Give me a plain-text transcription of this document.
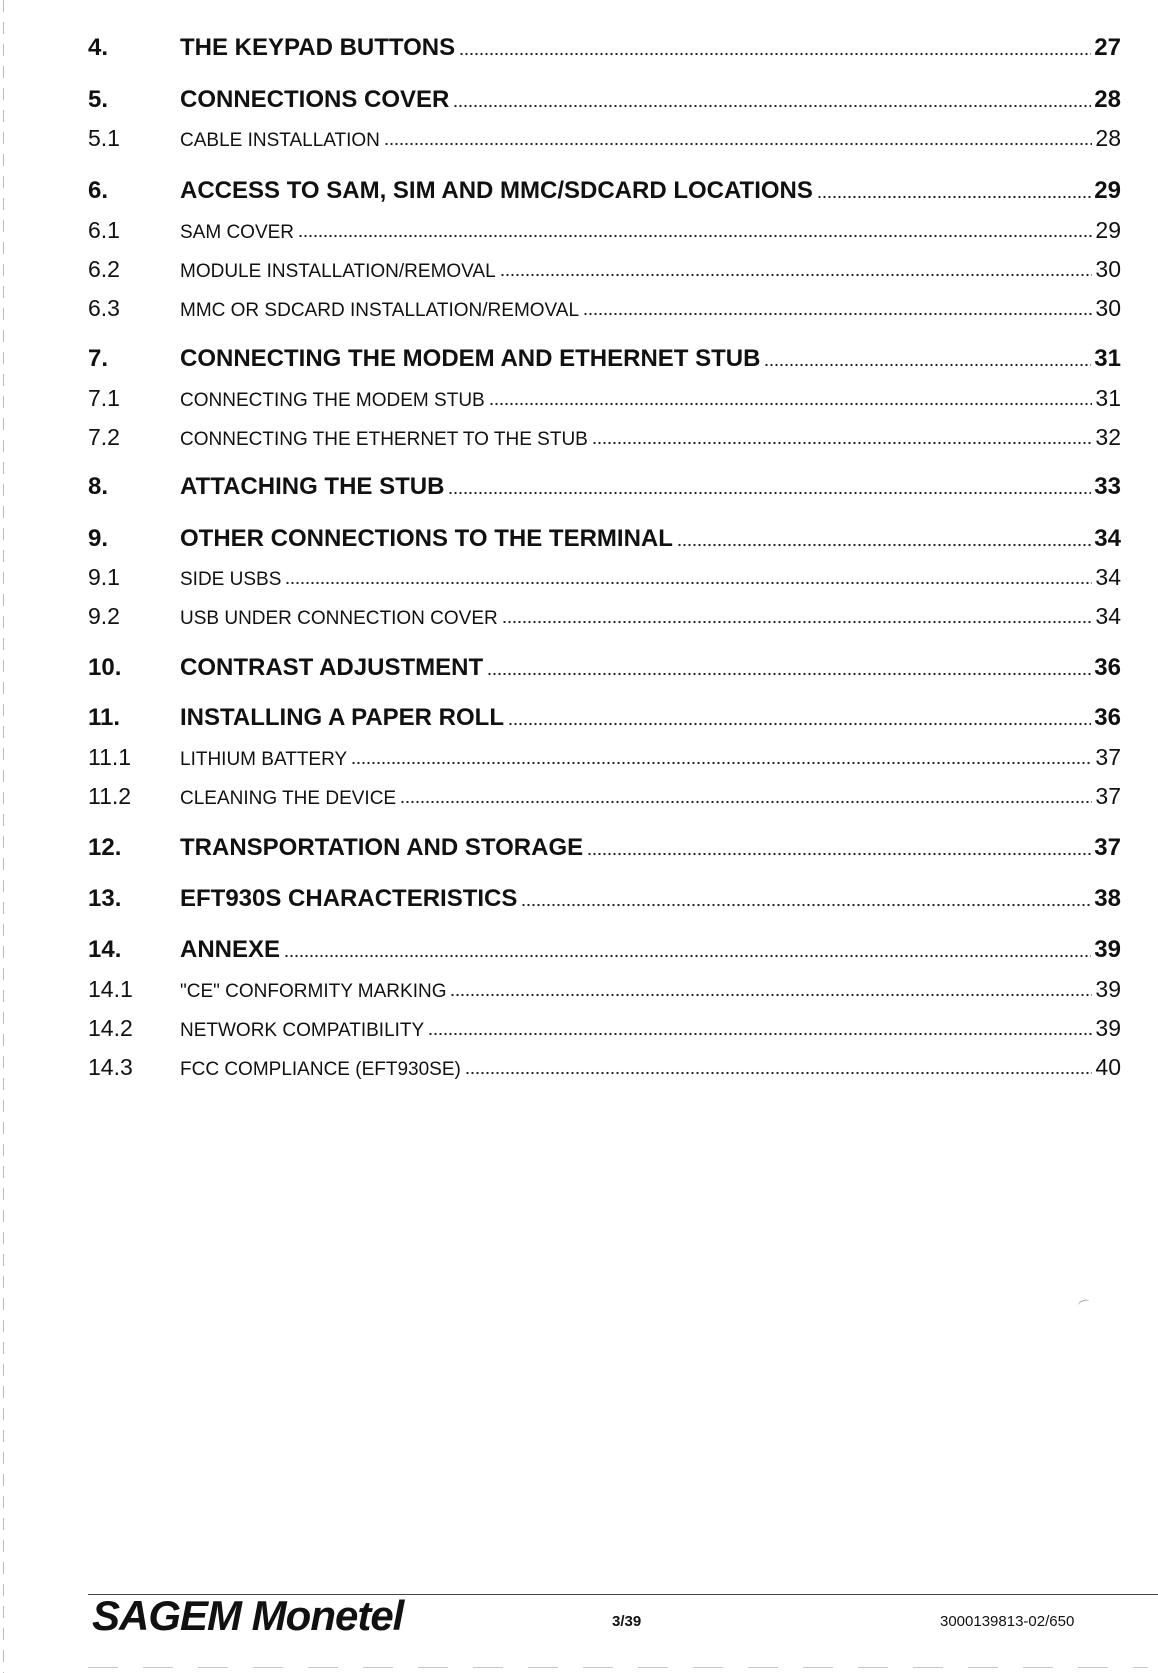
4.	THE KEYPAD BUTTONS	27
5.	CONNECTIONS COVER	28
5.1	CABLE INSTALLATION	28
6.	ACCESS TO SAM, SIM AND MMC/SDCARD LOCATIONS	29
6.1	SAM COVER	29
6.2	MODULE INSTALLATION/REMOVAL	30
6.3	MMC OR SDCARD INSTALLATION/REMOVAL	30
7.	CONNECTING THE MODEM AND ETHERNET STUB	31
7.1	CONNECTING THE MODEM STUB	31
7.2	CONNECTING THE ETHERNET TO THE STUB	32
8.	ATTACHING THE STUB	33
9.	OTHER CONNECTIONS TO THE TERMINAL	34
9.1	SIDE USBS	34
9.2	USB UNDER CONNECTION COVER	34
10.	CONTRAST ADJUSTMENT	36
11.	INSTALLING A PAPER ROLL	36
11.1	LITHIUM BATTERY	37
11.2	CLEANING THE DEVICE	37
12.	TRANSPORTATION AND STORAGE	37
13.	EFT930S CHARACTERISTICS	38
14.	ANNEXE	39
14.1	"CE" CONFORMITY MARKING	39
14.2	NETWORK COMPATIBILITY	39
14.3	FCC COMPLIANCE (EFT930SE)	40
SAGEM Monetel	3/39	3000139813-02/650
